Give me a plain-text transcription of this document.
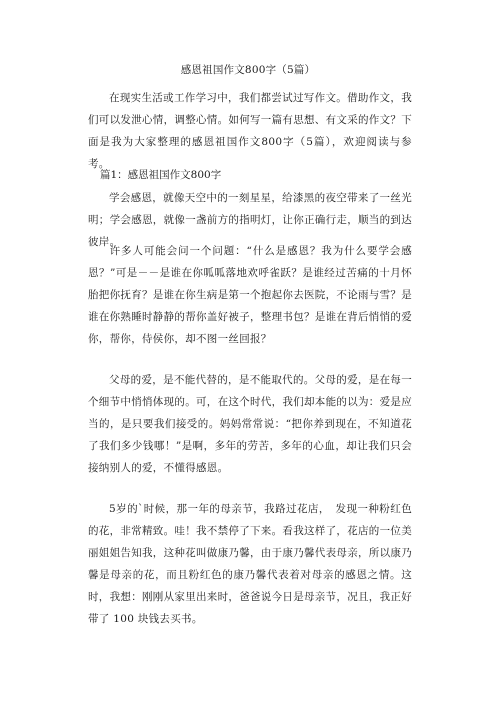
感恩祖国作文800字（5篇）

在现实生活或工作学习中，我们都尝试过写作文。借助作文，我们可以发泄心情，调整心情。如何写一篇有思想、有文采的作文？下面是我为大家整理的感恩祖国作文800字（5篇），欢迎阅读与参考。

篇1：感恩祖国作文800字

学会感恩，就像天空中的一刻星星，给漆黑的夜空带来了一丝光明；学会感恩，就像一盏前方的指明灯，让你正确行走，顺当的到达彼岸。

许多人可能会问一个问题：“什么是感恩？我为什么要学会感恩？”可是－－是谁在你呱呱落地欢呼雀跃？是谁经过苦痛的十月怀胎把你抚育？是谁在你生病是第一个抱起你去医院，不论雨与雪？是谁在你熟睡时静静的帮你盖好被子，整理书包？是谁在背后悄悄的爱你，帮你，侍侯你，却不图一丝回报？

父母的爱，是不能代替的，是不能取代的。父母的爱，是在每一个细节中悄悄体现的。可，在这个时代，我们却本能的以为：爱是应当的，是只要我们接受的。妈妈常常说：“把你养到现在，不知道花了我们多少钱哪！”是啊，多年的劳苦，多年的心血，却让我们只会接纳别人的爱，不懂得感恩。

5岁的`时候，那一年的母亲节，我路过花店，　发现一种粉红色的花，非常精致。哇！我不禁停了下来。看我这样了，花店的一位美丽姐姐告知我，这种花叫做康乃馨，由于康乃馨代表母亲，所以康乃馨是母亲的花，而且粉红色的康乃馨代表着对母亲的感恩之情。这时，我想：刚刚从家里出来时，爸爸说今日是母亲节，况且，我正好带了 100 块钱去买书。
